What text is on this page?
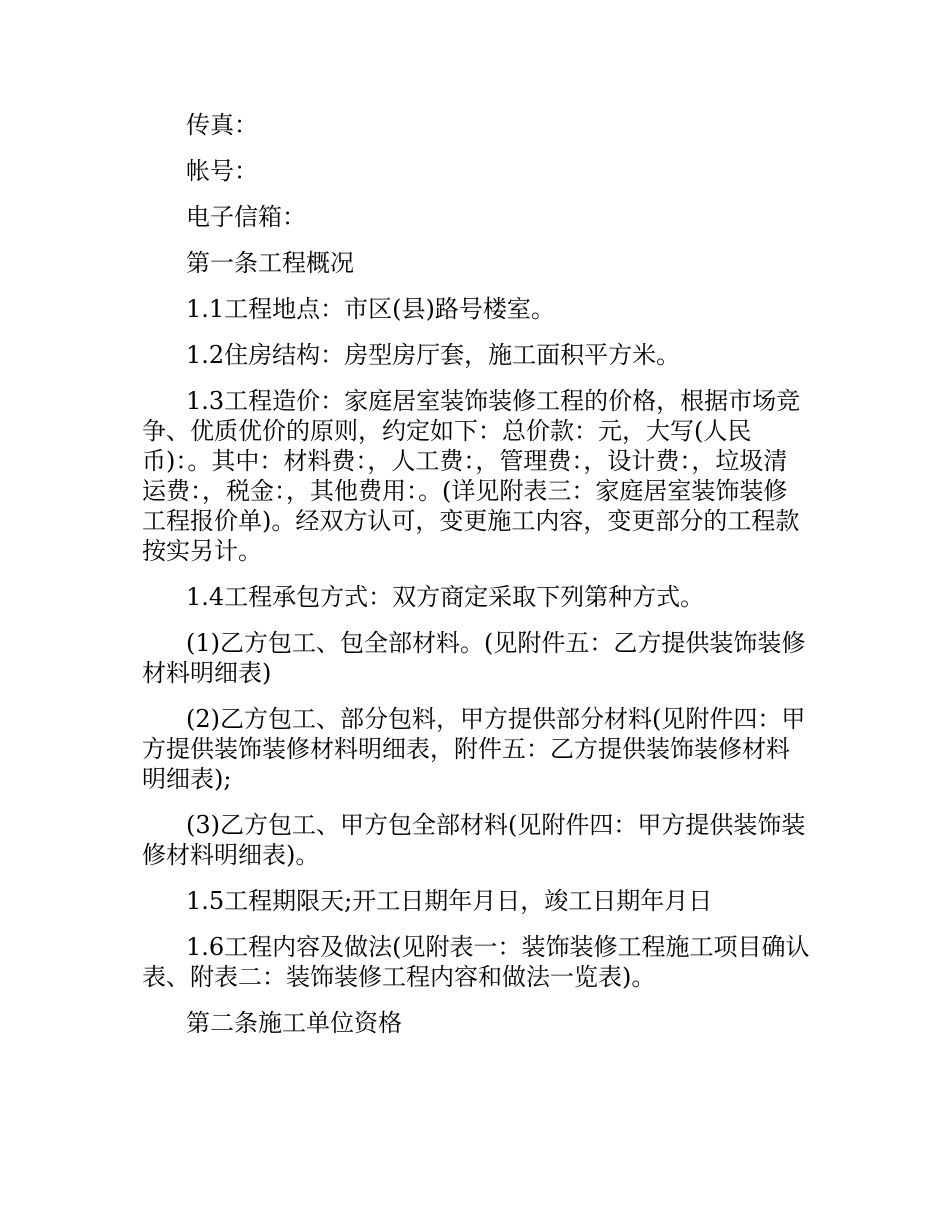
传真：

帐号：

电子信箱：

第一条工程概况

1.1工程地点：市区(县)路号楼室。

1.2住房结构：房型房厅套，施工面积平方米。

1.3工程造价：家庭居室装饰装修工程的价格，根据市场竞争、优质优价的原则，约定如下：总价款：元，大写(人民币)：。其中：材料费：，人工费：，管理费：，设计费：，垃圾清运费：，税金：，其他费用：。(详见附表三：家庭居室装饰装修工程报价单)。经双方认可，变更施工内容，变更部分的工程款按实另计。

1.4工程承包方式：双方商定采取下列第种方式。

(1)乙方包工、包全部材料。(见附件五：乙方提供装饰装修材料明细表)

(2)乙方包工、部分包料，甲方提供部分材料(见附件四：甲方提供装饰装修材料明细表，附件五：乙方提供装饰装修材料明细表);

(3)乙方包工、甲方包全部材料(见附件四：甲方提供装饰装修材料明细表)。

1.5工程期限天;开工日期年月日，竣工日期年月日

1.6工程内容及做法(见附表一：装饰装修工程施工项目确认表、附表二：装饰装修工程内容和做法一览表)。

第二条施工单位资格
